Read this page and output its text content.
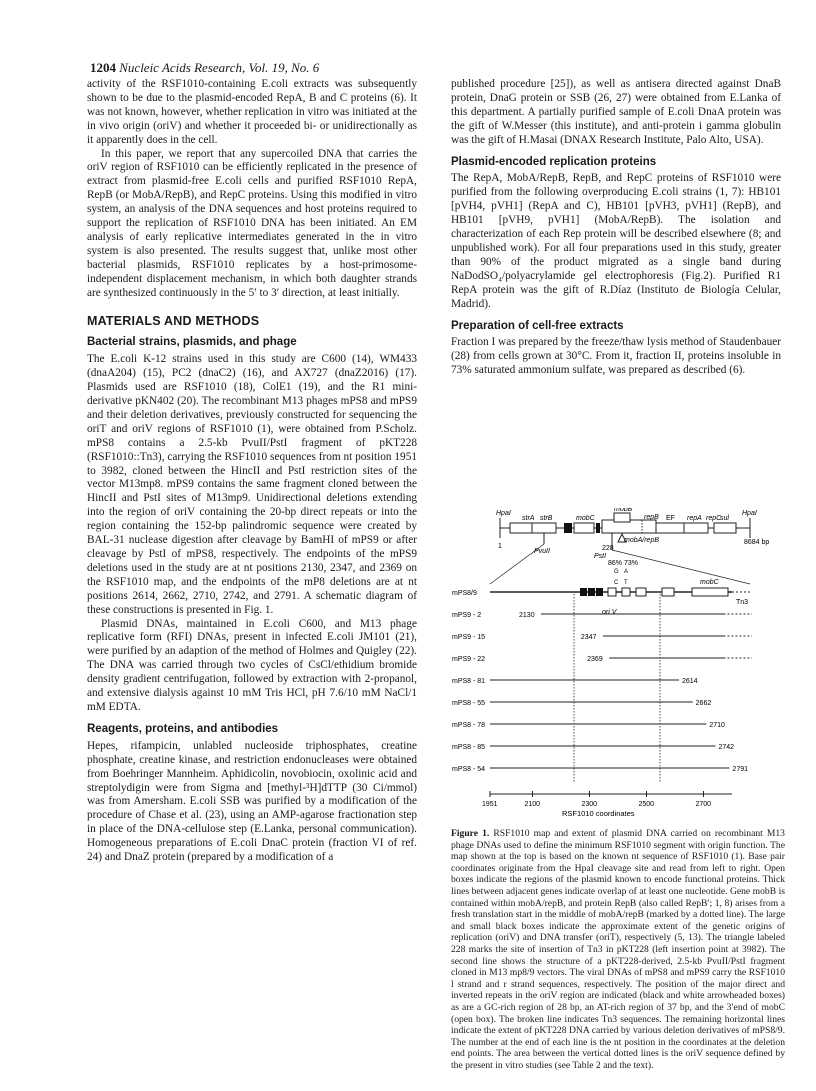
1204 Nucleic Acids Research, Vol. 19, No. 6

activity of the RSF1010-containing E.coli extracts was subsequently shown to be due to the plasmid-encoded RepA, B and C proteins (6). It was not known, however, whether replication in vitro was initiated at the in vivo origin (oriV) and whether it proceeded bi- or unidirectionally as it apparently does in the cell.

In this paper, we report that any supercoiled DNA that carries the oriV region of RSF1010 can be efficiently replicated in the presence of extract from plasmid-free E.coli cells and purified RSF1010 RepA, RepB (or MobA/RepB), and RepC proteins. Using this modified in vitro system, an analysis of the DNA sequences and host proteins required to support the replication of RSF1010 DNA has been initiated. An EM analysis of early replicative intermediates generated in the in vitro system is also presented. The results suggest that, unlike most other bacterial plasmids, RSF1010 replicates by a host-primosome-independent displacement mechanism, in which both daughter strands are synthesized continuously in the 5′ to 3′ direction, at least initially.

MATERIALS AND METHODS
Bacterial strains, plasmids, and phage

The E.coli K-12 strains used in this study are C600 (14), WM433 (dnaA204) (15), PC2 (dnaC2) (16), and AX727 (dnaZ2016) (17). Plasmids used are RSF1010 (18), ColE1 (19), and the R1 mini-derivative pKN402 (20). The recombinant M13 phages mPS8 and mPS9 and their deletion derivatives, previously constructed for sequencing the oriT and oriV regions of RSF1010 (1), were obtained from P.Scholz. mPS8 contains a 2.5-kb PvuII/PstI fragment of pKT228 (RSF1010::Tn3), carrying the RSF1010 sequences from nt position 1951 to 3982, cloned between the HincII and PstI restriction sites of the vector M13mp8. mPS9 contains the same fragment cloned between the HincII and PstI sites of M13mp9. Unidirectional deletions extending into the region of oriV containing the 20-bp direct repeats or into the region containing the 152-bp palindromic sequence were created by BAL-31 nuclease digestion after cleavage by BamHI of mPS9 or after cleavage by PstI of mPS8, respectively. The endpoints of the mPS9 deletions used in the study are at nt positions 2130, 2347, and 2369 on the RSF1010 map, and the endpoints of the mP8 deletions are at nt positions 2614, 2662, 2710, 2742, and 2791. A schematic diagram of these constructions is presented in Fig. 1.

Plasmid DNAs, maintained in E.coli C600, and M13 phage replicative form (RFI) DNAs, present in infected E.coli JM101 (21), were purified by an adaption of the method of Holmes and Quigley (22). The DNA was carried through two cycles of CsCl/ethidium bromide density gradient centrifugation, followed by extraction with 2-propanol, and extensive dialysis against 10 mM Tris HCl, pH 7.6/10 mM NaCl/1 mM EDTA.

Reagents, proteins, and antibodies

Hepes, rifampicin, unlabled nucleoside triphosphates, creatine phosphate, creatine kinase, and restriction endonucleases were obtained from Boehringer Mannheim. Aphidicolin, novobiocin, oxolinic acid and streptolydigin were from Sigma and [methyl-³H]dTTP (30 Ci/mmol) was from Amersham. E.coli SSB was purified by a modification of the procedure of Chase et al. (23), using an AMP-agarose fractionation step in place of the DNA-cellulose step (E.Lanka, personal communication). Homogeneous preparations of E.coli DnaC protein (fraction VI of ref. 24) and DnaZ protein (prepared by a modification of a

published procedure [25]), as well as antisera directed against DnaB protein, DnaG protein or SSB (26, 27) were obtained from E.Lanka of this department. A partially purified sample of E.coli DnaA protein was the gift of W.Messer (this institute), and anti-protein i gamma globulin was the gift of H.Masai (DNAX Research Institute, Palo Alto, USA).

Plasmid-encoded replication proteins

The RepA, MobA/RepB, RepB, and RepC proteins of RSF1010 were purified from the following overproducing E.coli strains (1, 7): HB101 [pVH4, pVH1] (RepA and C), HB101 [pVH3, pVH1] (RepB), and HB101 [pVH9, pVH1] (MobA/RepB). The isolation and characterization of each Rep protein will be described elsewhere (8; and unpublished work). For all four preparations used in this study, greater than 90% of the product migrated as a single band during NaDodSO₄/polyacrylamide gel electrophoresis (Fig.2). Purified R1 RepA protein was the gift of R.Díaz (Instituto de Biología Celular, Madrid).

Preparation of cell-free extracts

Fraction I was prepared by the freeze/thaw lysis method of Staudenbauer (28) from cells grown at 30°C. From it, fraction II, proteins insoluble in 73% saturated ammonium sulfate, was prepared as described (6).

HpaI	HpaI
1
8684 bp
strA strB	mobC
mobB
repB EF repA repC
sul
228
mobA/repB
PvuII
PstI
86% 73%
G
C
A
T	mobC
Tn3
ori V
mPS8/9
mPS9 - 2	2130
mPS9 - 15	2347
mPS9 - 22	2369
mPS8 - 81	2614
mPS8 - 55	2662
mPS8 - 78	2710
mPS8 - 85	2742
mPS8 - 54	2791
1951	2100	2300	2500	2700
RSF1010 coordinates
Figure 1. RSF1010 map and extent of plasmid DNA carried on recombinant M13 phage DNAs used to define the minimum RSF1010 segment with origin function. The map shown at the top is based on the known nt sequence of RSF1010 (1). Base pair coordinates originate from the HpaI cleavage site and read from left to right. Open boxes indicate the regions of the plasmid known to encode functional proteins. Thick lines between adjacent genes indicate overlap of at least one nucleotide. Gene mobB is contained within mobA/repB, and protein RepB (also called RepB′; 1, 8) arises from a fresh translation start in the middle of mobA/repB (marked by a dotted line). The large and small black boxes indicate the approximate extent of the genetic origins of replication (oriV) and DNA transfer (oriT), respectively (5, 13). The triangle labeled 228 marks the site of insertion of Tn3 in pKT228 (left insertion point at 3982). The second line shows the structure of a pKT228-derived, 2.5-kb PvuII/PstI fragment cloned in M13 mp8/9 vectors. The viral DNAs of mPS8 and mPS9 carry the RSF1010 l strand and r strand sequences, respectively. The position of the major direct and inverted repeats in the oriV region are indicated (black and white arrowheaded boxes) as are a GC-rich region of 28 bp, an AT-rich region of 37 bp, and the 3′end of mobC (open box). The broken line indicates Tn3 sequences. The remaining horizontal lines indicate the extent of pKT228 DNA carried by various deletion derivatives of mPS8/9. The number at the end of each line is the nt position in the coordinates at the deletion end points. The area between the vertical dotted lines is the oriV sequence defined by the present in vitro studies (see Table 2 and the text).
